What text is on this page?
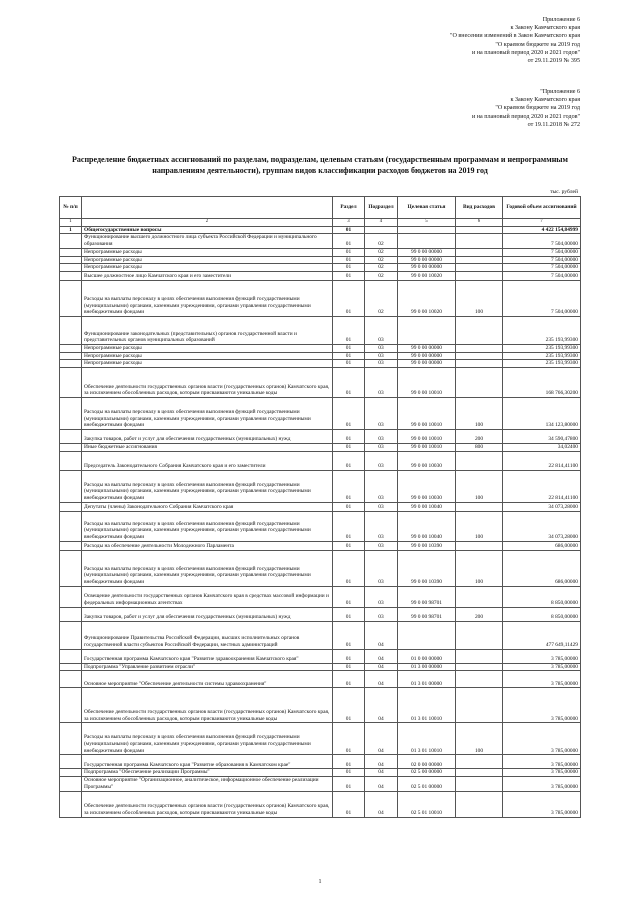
Приложение 6
к Закону Камчатского края
"О внесении изменений в Закон Камчатского края
"О краевом бюджете на 2019 год
и на плановый период 2020 и 2021 годов"
от 29.11.2019 № 395
"Приложение 6
к Закону Камчатского края
"О краевом бюджете на 2019 год
и на плановый период 2020 и 2021 годов"
от 19.11.2018 № 272
Распределение бюджетных ассигнований по разделам, подразделам, целевым статьям (государственным программам и непрограммным направлениям деятельности), группам видов классификации расходов бюджетов на 2019 год
тыс. рублей
№ п/п		Раздел	Подраздел	Целевая статья	Вид расходов	Годовой объем ассигнований
1	2	3	4	5	6	7
1	Общегосударственные вопросы	01				4 422 154,84999
	Функционирование высшего должностного лица субъекта Российской Федерации и муниципального образования	01	02			7 504,00000
	Непрограммные расходы	01	02	99 0 00 00000		7 504,00000
	Непрограммные расходы	01	02	99 0 00 00000		7 504,00000
	Непрограммные расходы	01	02	99 0 00 00000		7 504,00000
	Высшее должностное лицо Камчатского края и его заместители	01	02	99 0 00 10020		7 504,00000
	Расходы на выплаты персоналу в целях обеспечения выполнения функций государственными (муниципальными) органами, казенными учреждениями, органами управления государственными внебюджетными фондами	01	02	99 0 00 10020	100	7 504,00000
	Функционирование законодательных (представительных) органов государственной власти и представительных органов муниципальных образований	01	03			235 193,99300
	Непрограммные расходы	01	03	99 0 00 00000		235 193,99300
	Непрограммные расходы	01	03	99 0 00 00000		235 193,99300
	Непрограммные расходы	01	03	99 0 00 00000		235 193,99300
	Обеспечение деятельности государственных органов власти (государственных органов) Камчатского края, за исключением обособленных расходов, которым присваиваются уникальные коды	01	03	99 0 00 10010		168 766,30200
	Расходы на выплаты персоналу в целях обеспечения выполнения функций государственными (муниципальными) органами, казенными учреждениями, органами управления государственными внебюджетными фондами	01	03	99 0 00 10010	100	134 123,80000
	Закупка товаров, работ и услуг для обеспечения государственных (муниципальных) нужд	01	03	99 0 00 10010	200	34 590,47800
	Иные бюджетные ассигнования	01	03	99 0 00 10010	800	34,02400
	Председатель Законодательного Собрания Камчатского края и его заместители	01	03	99 0 00 10030		22 814,41100
	Расходы на выплаты персоналу в целях обеспечения выполнения функций государственными (муниципальными) органами, казенными учреждениями, органами управления государственными внебюджетными фондами	01	03	99 0 00 10030	100	22 814,41100
	Депутаты (члены) Законодательного Собрания Камчатского края	01	03	99 0 00 10040		34 073,28000
	Расходы на выплаты персоналу в целях обеспечения выполнения функций государственными (муниципальными) органами, казенными учреждениями, органами управления государственными внебюджетными фондами	01	03	99 0 00 10040	100	34 073,28000
	Расходы на обеспечение деятельности Молодежного Парламента	01	03	99 0 00 10390		686,00000
	Расходы на выплаты персоналу в целях обеспечения выполнения функций государственными (муниципальными) органами, казенными учреждениями, органами управления государственными внебюджетными фондами	01	03	99 0 00 10390	100	686,00000
	Освещение деятельности государственных органов Камчатского края в средствах массовой информации и федеральных информационных агентствах	01	03	99 0 00 98701		8 850,00000
	Закупка товаров, работ и услуг для обеспечения государственных (муниципальных) нужд	01	03	99 0 00 98701	200	8 850,00000
	Функционирование Правительства Российской Федерации, высших исполнительных органов государственной власти субъектов Российской Федерации, местных администраций	01	04			477 649,11429
	Государственная программа Камчатского края "Развитие здравоохранения Камчатского края"	01	04	01 0 00 00000		3 785,00000
	Подпрограмма "Управление развитием отрасли"	01	04	01 3 00 00000		3 785,00000
	Основное мероприятие "Обеспечение деятельности системы здравоохранения"	01	04	01 3 01 00000		3 785,00000
	Обеспечение деятельности государственных органов власти (государственных органов) Камчатского края, за исключением обособленных расходов, которым присваиваются уникальные коды	01	04	01 3 01 10010		3 785,00000
	Расходы на выплаты персоналу в целях обеспечения выполнения функций государственными (муниципальными) органами, казенными учреждениями, органами управления государственными внебюджетными фондами	01	04	01 3 01 10010	100	3 785,00000
	Государственная программа Камчатского края "Развитие образования в Камчатском крае"	01	04	02 0 00 00000		3 785,00000
	Подпрограмма "Обеспечение реализации Программы"	01	04	02 5 00 00000		3 785,00000
	Основное мероприятие "Организационное, аналитическое, информационное обеспечение реализации Программы"	01	04	02 5 01 00000		3 785,00000
	Обеспечение деятельности государственных органов власти (государственных органов) Камчатского края, за исключением обособленных расходов, которым присваиваются уникальные коды	01	04	02 5 01 10010		3 785,00000
1
